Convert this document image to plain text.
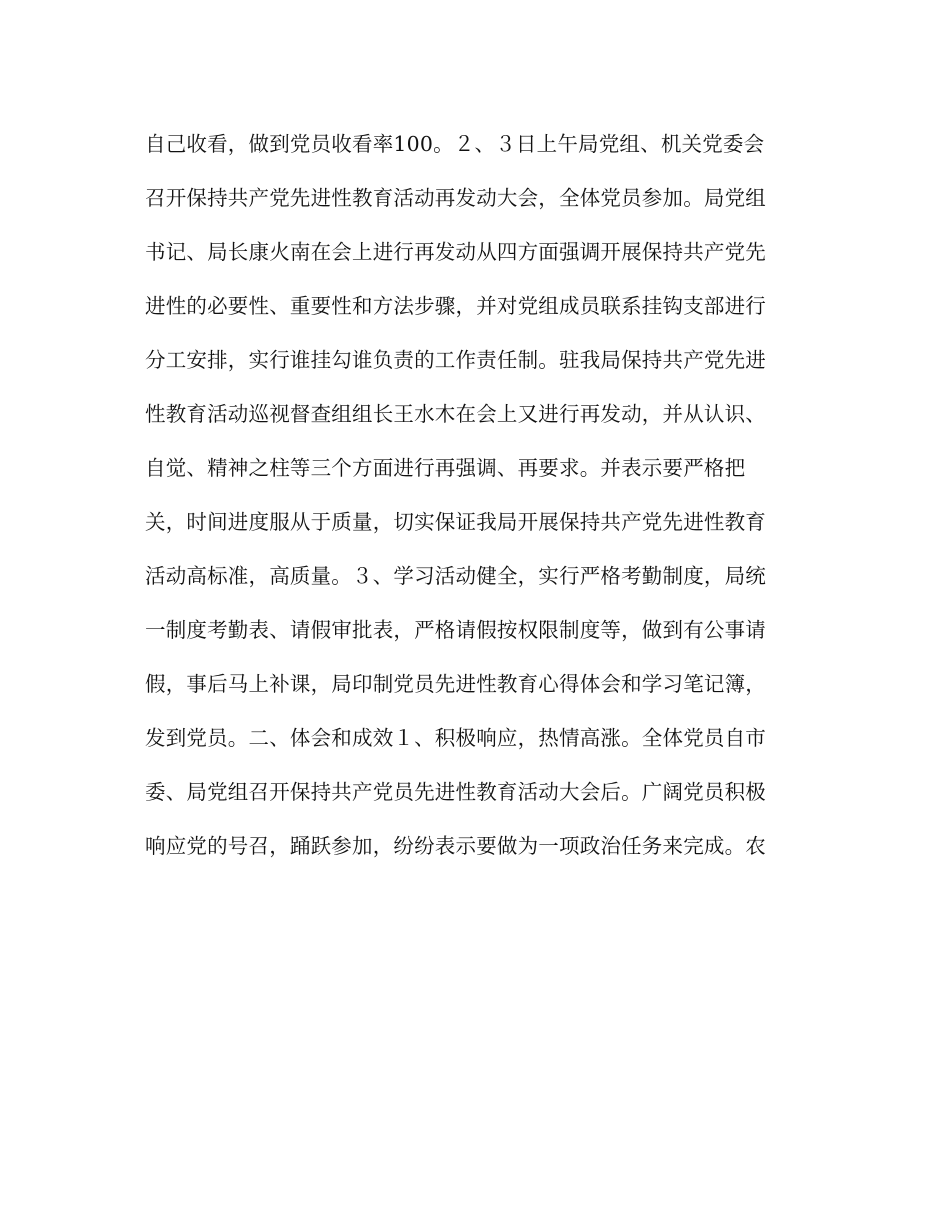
自己收看，做到党员收看率100。２、３日上午局党组、机关党委会
召开保持共产党先进性教育活动再发动大会，全体党员参加。局党组
书记、局长康火南在会上进行再发动从四方面强调开展保持共产党先
进性的必要性、重要性和方法步骤，并对党组成员联系挂钩支部进行
分工安排，实行谁挂勾谁负责的工作责任制。驻我局保持共产党先进
性教育活动巡视督查组组长王水木在会上又进行再发动，并从认识、
自觉、精神之柱等三个方面进行再强调、再要求。并表示要严格把
关，时间进度服从于质量，切实保证我局开展保持共产党先进性教育
活动高标准，高质量。３、学习活动健全，实行严格考勤制度，局统
一制度考勤表、请假审批表，严格请假按权限制度等，做到有公事请
假，事后马上补课，局印制党员先进性教育心得体会和学习笔记簿，
发到党员。二、体会和成效１、积极响应，热情高涨。全体党员自市
委、局党组召开保持共产党员先进性教育活动大会后。广阔党员积极
响应党的号召，踊跃参加，纷纷表示要做为一项政治任务来完成。农
